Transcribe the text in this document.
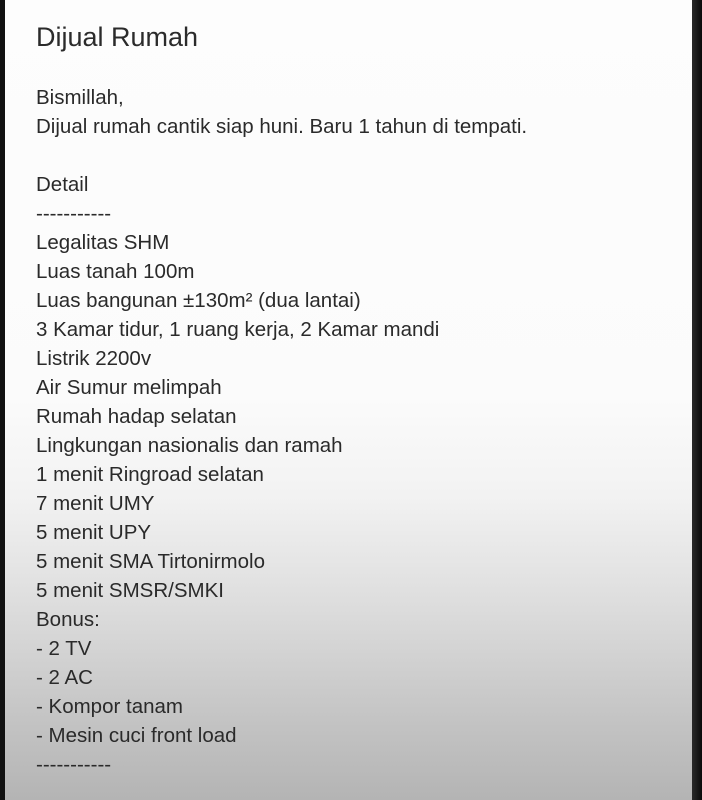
Dijual Rumah
Bismillah,
Dijual rumah cantik siap huni. Baru 1 tahun di tempati.
Detail
-----------
Legalitas SHM
Luas tanah 100m
Luas bangunan ±130m² (dua lantai)
3 Kamar tidur, 1 ruang kerja, 2 Kamar mandi
Listrik 2200v
Air Sumur melimpah
Rumah hadap selatan
Lingkungan nasionalis dan ramah
1 menit Ringroad selatan
7 menit UMY
5 menit UPY
5 menit SMA Tirtonirmolo
5 menit SMSR/SMKI
Bonus:
- 2 TV
- 2 AC
- Kompor tanam
- Mesin cuci front load
-----------
